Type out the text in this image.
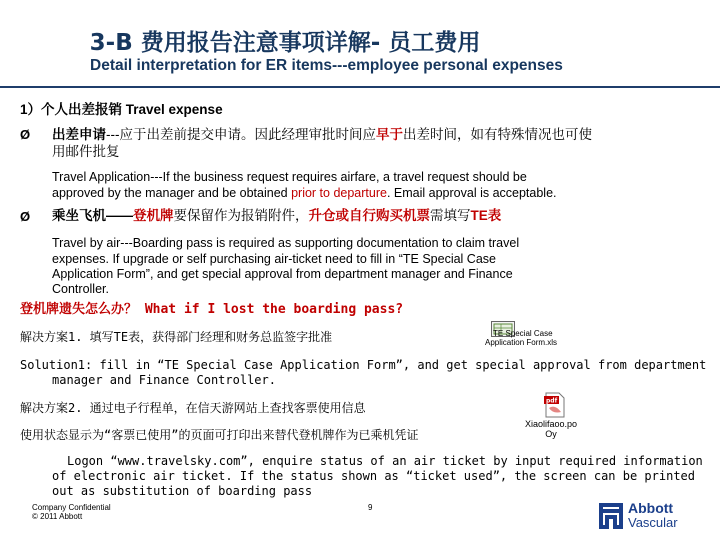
3-B 费用报告注意事项详解- 员工费用
Detail interpretation for ER items---employee personal expenses
1）个人出差报销 Travel expense
Ø 出差申请---应于出差前提交申请。因此经理审批时间应早于出差时间，如有特殊情况也可使
用邮件批复
Travel Application---If the business request requires airfare, a travel request should be
approved by the manager and be obtained prior to departure. Email approval is acceptable.
Ø 乘坐飞机——登机牌要保留作为报销附件，升仓或自行购买机票需填写TE表
Travel by air---Boarding pass is required as supporting documentation to claim travel
expenses. If upgrade or self purchasing air-ticket need to fill in “TE Special Case
Application Form”, and get special approval from department manager and Finance
Controller.
登机牌遗失怎么办？ What if I lost the boarding pass?
解决方案1. 填写TE表，获得部门经理和财务总监签字批准	TE Special Case
Application Form.xls
Solution1: fill in “TE Special Case Application Form”, and get special approval from department
manager and Finance Controller.
解决方案2. 通过电子行程单，在信天游网站上查找客票使用信息	pdf
Xiaolifaoo.po
Oy
使用状态显示为“客票已使用”的页面可打印出来替代登机牌作为已乘机凭证
Logon “www.travelsky.com”, enquire status of an air ticket by input required information
of electronic air ticket. If the status shown as “ticket used”, the screen can be printed
out as substitution of boarding pass
Company Confidential
© 2011 Abbott
9	Abbott
Vascular
